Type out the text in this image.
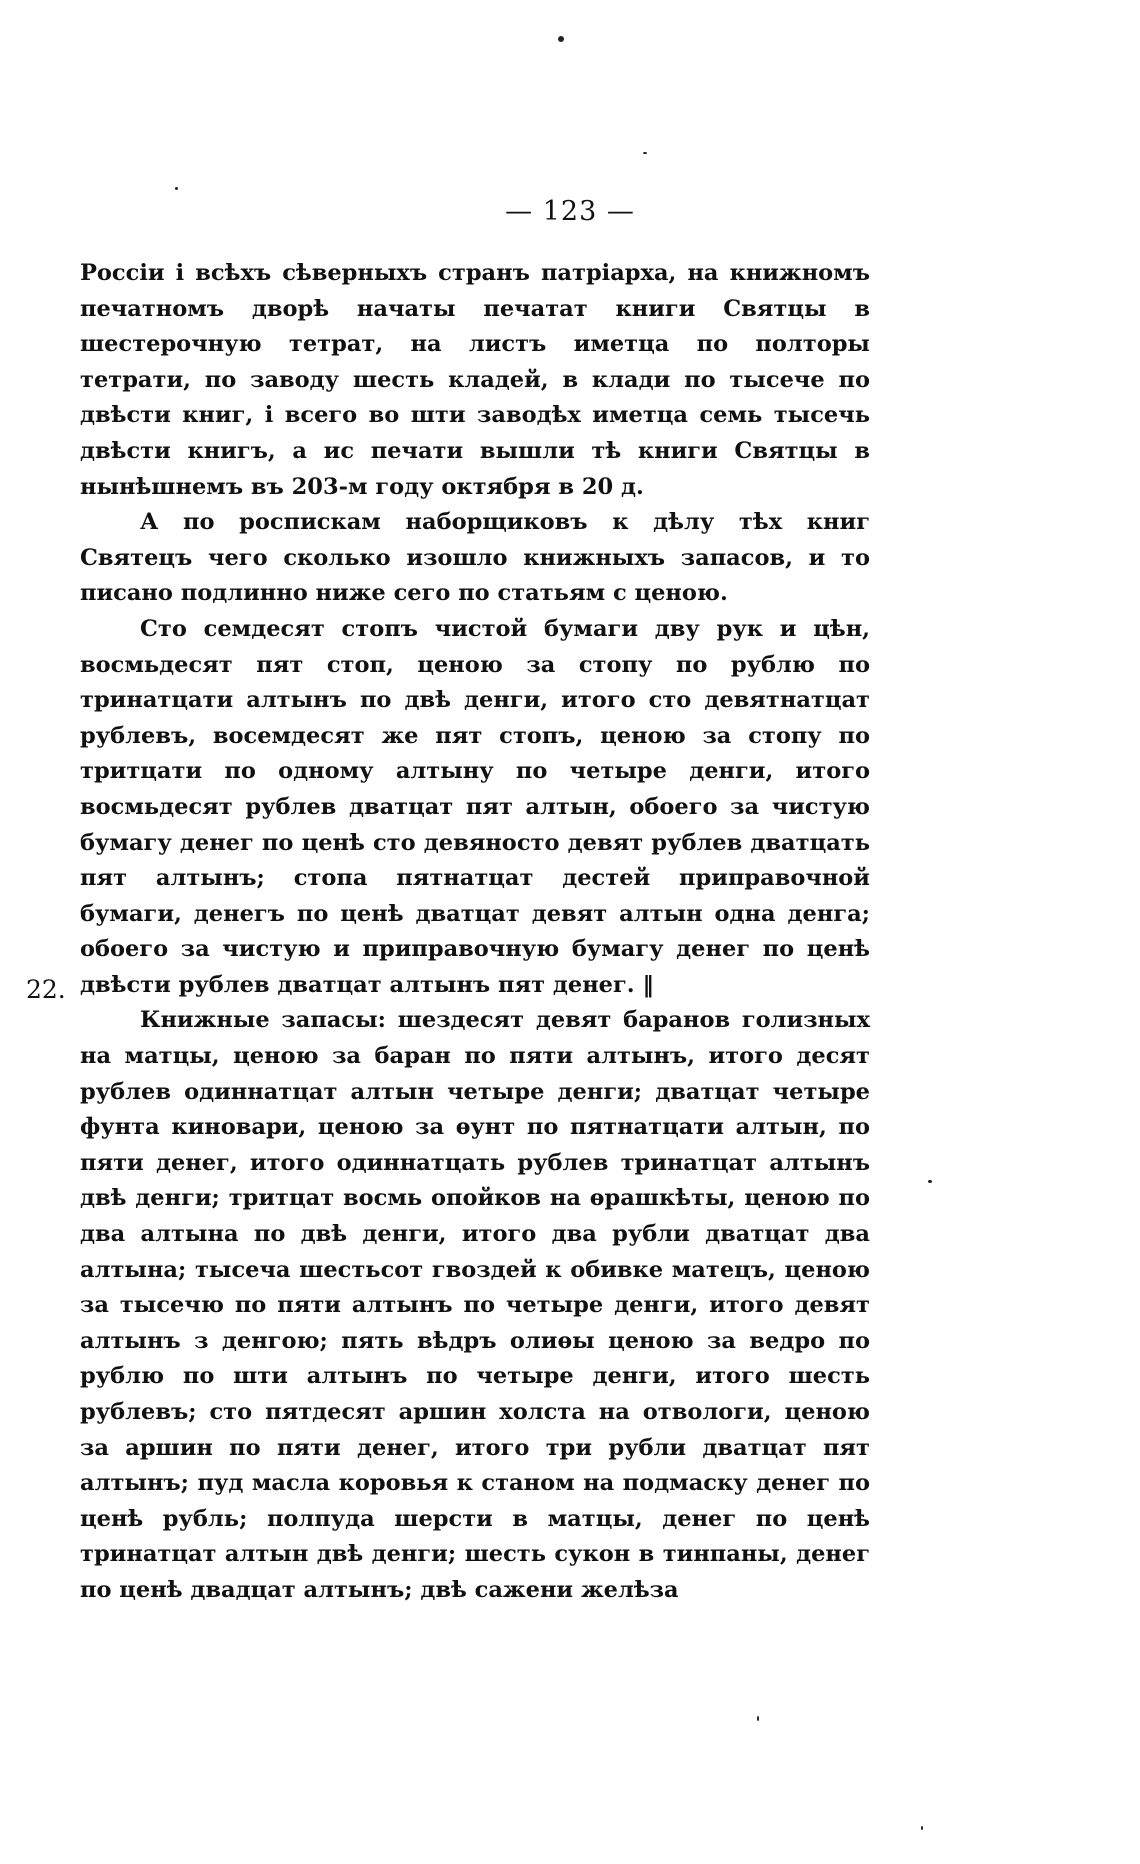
— 123 —

Россіи і всѣхъ сѣверныхъ странъ патріарха, на книжномъ печатномъ дворѣ начаты печатат книги Святцы в шестерочную тетрат, на листъ иметца по полторы тетрати, по заводу шесть кладей, в клади по тысече по двѣсти книг, і всего во шти заводѣх иметца семь тысечь двѣсти книгъ, а ис печати вышли тѣ книги Святцы в нынѣшнемъ въ 203-м году октября в 20 д.

А по роспискам наборщиковъ к дѣлу тѣх книг Святецъ чего сколько изошло книжныхъ запасов, и то писано подлинно ниже сего по статьям с ценою.

Сто семдесят стопъ чистой бумаги дву рук и цѣн, восмьдесят пят стоп, ценою за стопу по рублю по тринатцати алтынъ по двѣ денги, итого сто девятнатцат рублевъ, восемдесят же пят стопъ, ценою за стопу по тритцати по одному алтыну по четыре денги, итого восмьдесят рублев дватцат пят алтын, обоего за чистую бумагу денег по ценѣ сто девяносто девят рублев дватцать пят алтынъ; стопа пятнатцат дестей приправочной бумаги, денегъ по ценѣ дватцат девят алтын одна денга; обоего за чистую и приправочную бумагу денег по ценѣ двѣсти рублев дватцат алтынъ пят денег. ‖

Книжные запасы: шездесят девят бaранов голизных на матцы, ценою за баран по пяти алтынъ, итого десят рублев одиннатцат алтын четыре денги; дватцат четыре фунта киновари, ценою за ѳунт по пятнатцати алтын, по пяти денег, итого одиннатцать рублев тринатцат алтынъ двѣ денги; тритцат восмь опойков на ѳрашкѣты, ценою по два алтына по двѣ денги, итого два рубли дватцат два алтына; тысеча шестьсот гвоздей к обивке матецъ, ценою за тысечю по пяти алтынъ по четыре денги, итого девят алтынъ з денгою; пять вѣдръ олиѳы ценою за ведро по рублю по шти алтынъ по четыре денги, итого шесть рублевъ; сто пятдесят аршин холста на отвологи, ценою за аршин по пяти денег, итого три рубли дватцат пят алтынъ; пуд масла коровья к станом на подмаску денег по ценѣ рубль; полпуда шерсти в матцы, денег по ценѣ тринатцат алтын двѣ денги; шесть сукон в тинпаны, денег по ценѣ двадцат алтынъ; двѣ сажени желѣза

22.
